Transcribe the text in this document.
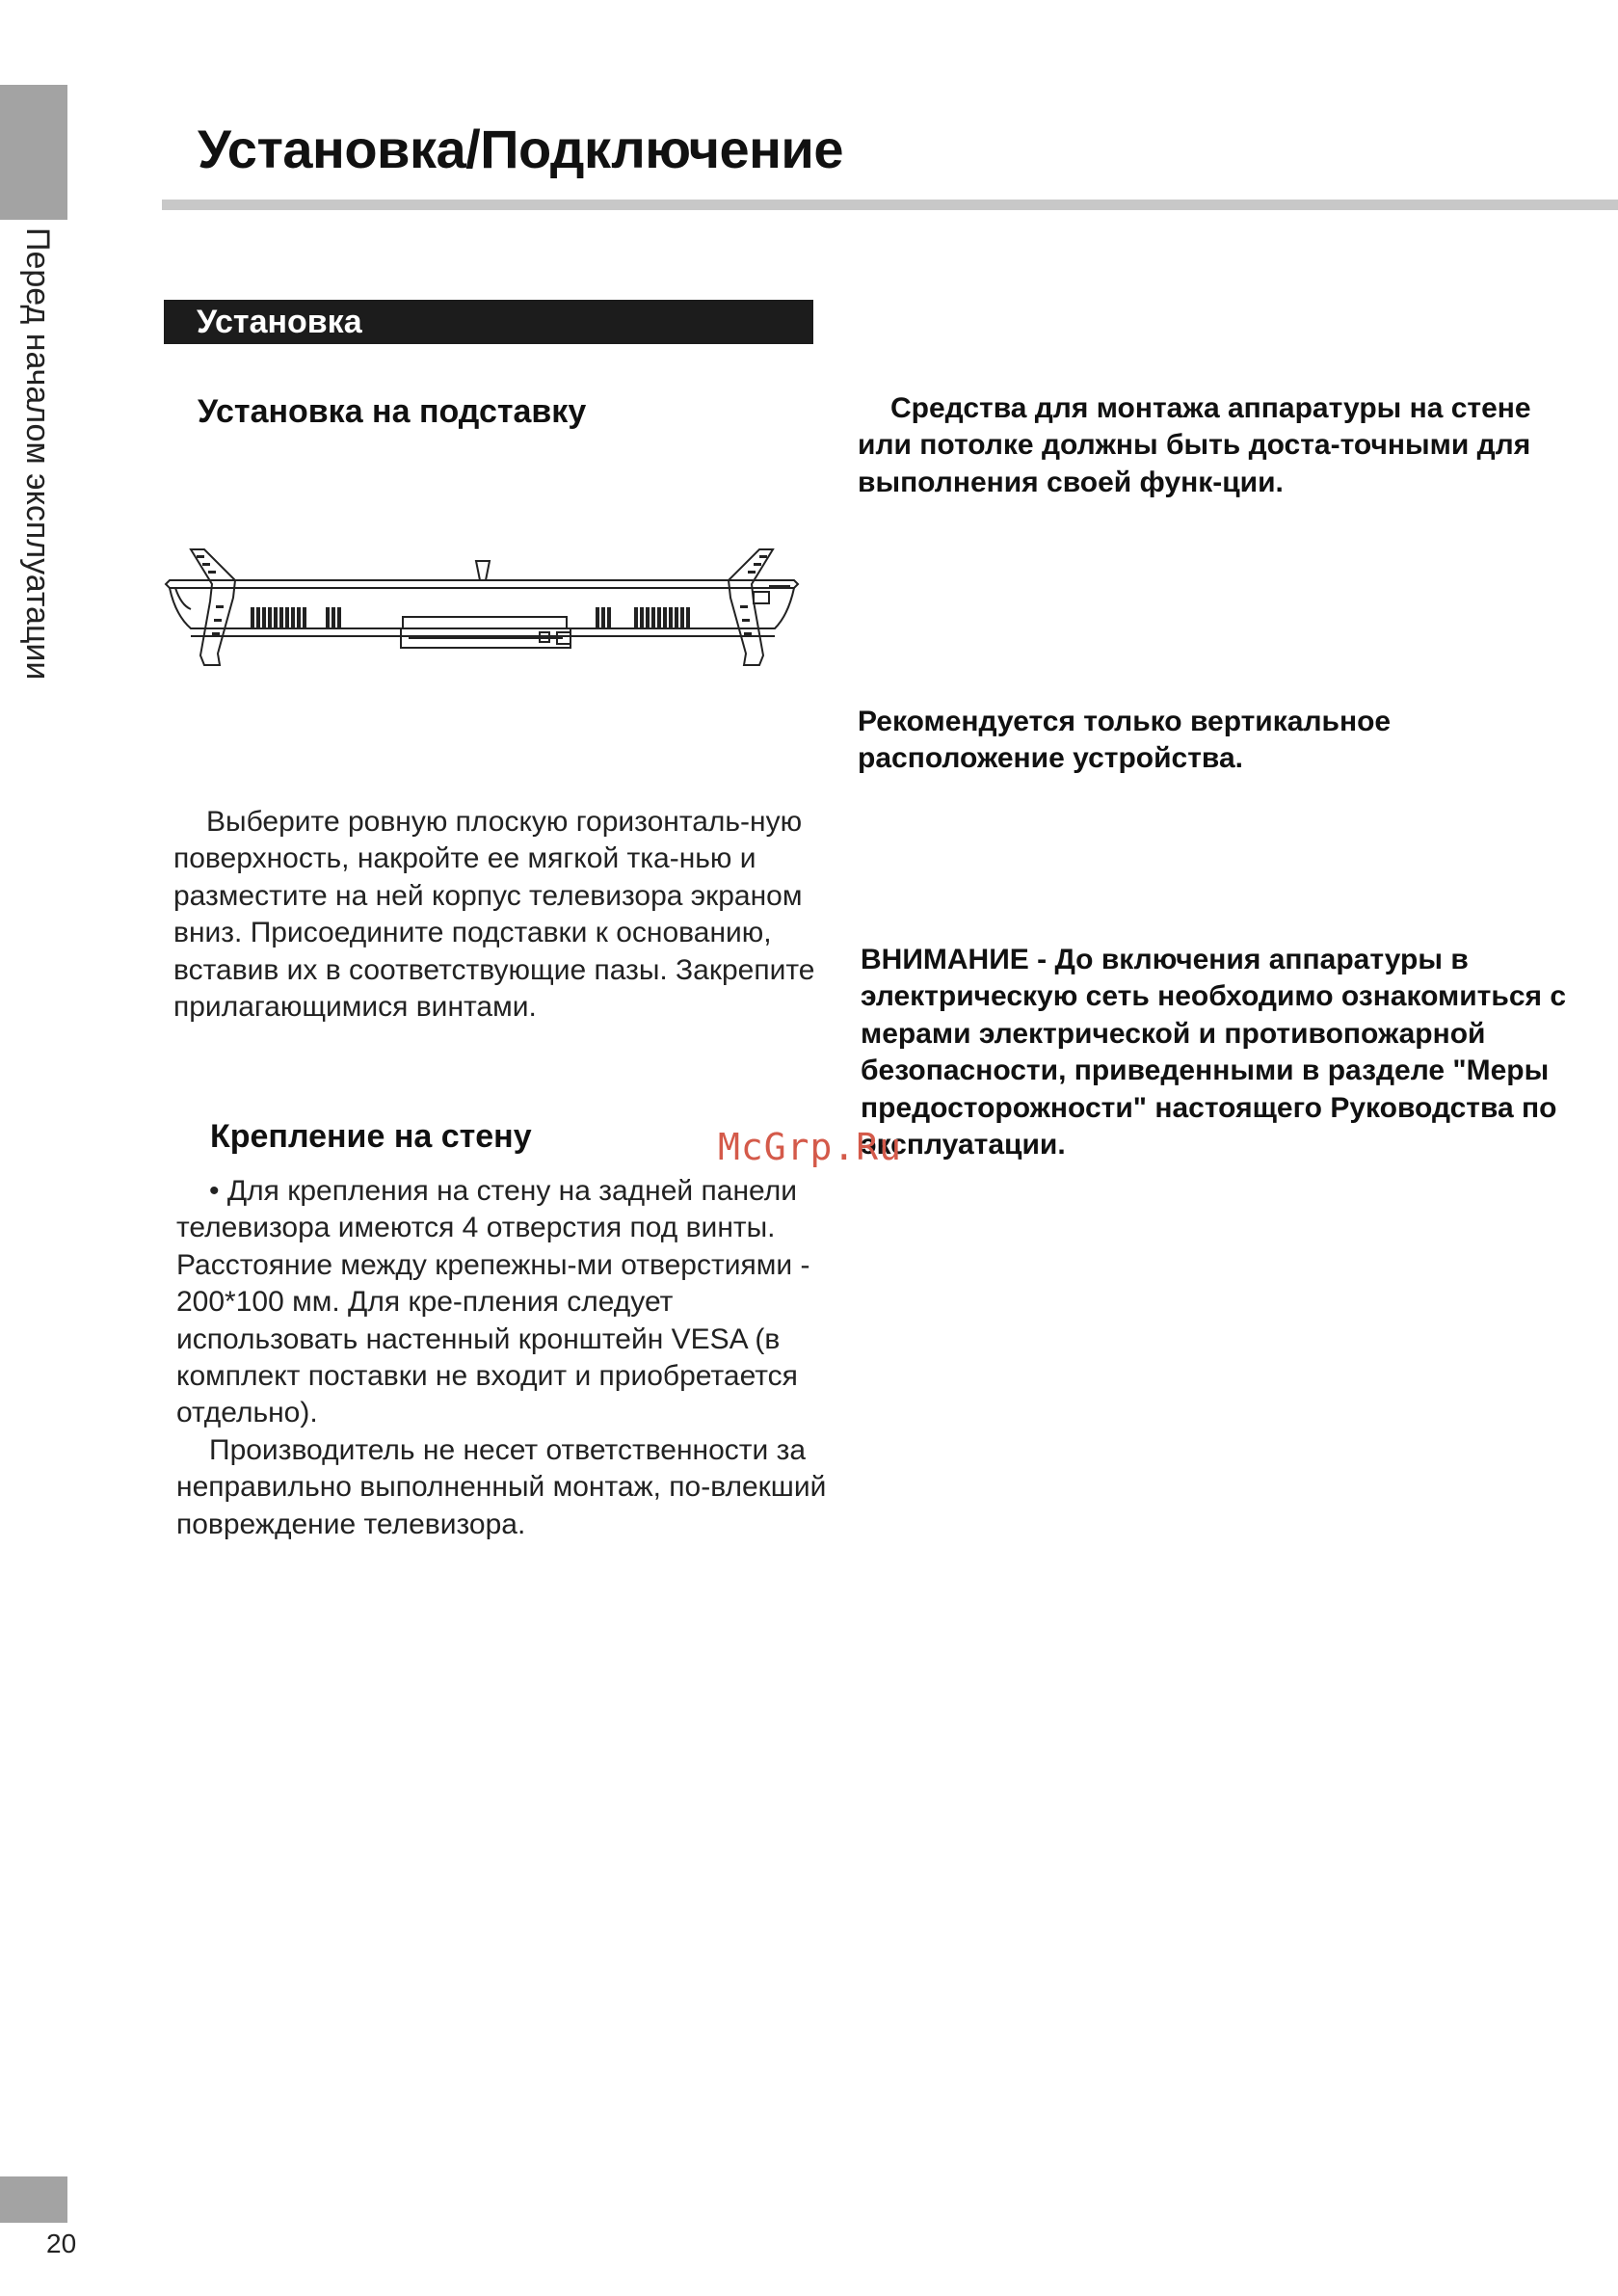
Перед началом эксплуатации
20
Установка/Подключение
Установка
Установка на подставку
Выберите ровную плоскую горизонталь-ную поверхность, накройте ее мягкой тка-нью и разместите на ней корпус телевизора экраном вниз. Присоедините подставки к основанию, вставив их в соответствующие пазы. Закрепите прилагающимися винтами.
Крепление на стену
• Для крепления на стену на задней панели телевизора имеются 4 отверстия под винты. Расстояние между крепежны-ми отверстиями - 200*100 мм. Для кре-пления следует использовать настенный кронштейн VESA (в комплект поставки не входит и приобретается отдельно).
Производитель не несет ответственности за неправильно выполненный монтаж, по-влекший повреждение телевизора.
Средства для монтажа аппаратуры на стене или потолке должны быть доста-точными для выполнения своей функ-ции.
Рекомендуется только вертикальное расположение устройства.
ВНИМАНИЕ - До включения аппаратуры в электрическую сеть необходимо ознакомиться с мерами электрической и противопожарной безопасности, приведенными в разделе "Меры предосторожности" настоящего Руководства по эксплуатации.
McGrp.Ru
